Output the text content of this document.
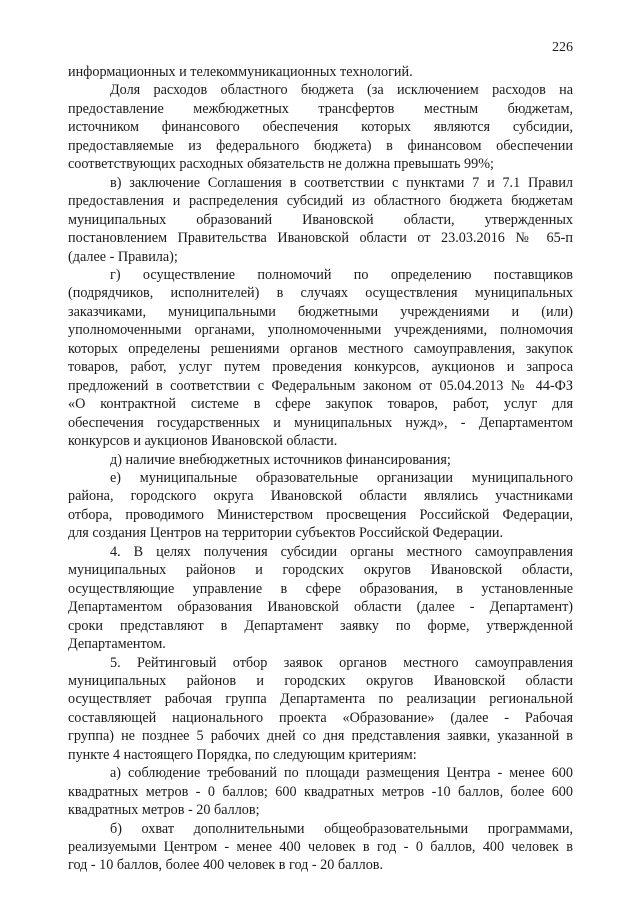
226
информационных и телекоммуникационных технологий.
Доля расходов областного бюджета (за исключением расходов на
предоставление межбюджетных трансфертов местным бюджетам,
источником финансового обеспечения которых являются субсидии,
предоставляемые из федерального бюджета) в финансовом обеспечении
соответствующих расходных обязательств не должна превышать 99%;
в) заключение Соглашения в соответствии с пунктами 7 и 7.1 Правил
предоставления и распределения субсидий из областного бюджета бюджетам
муниципальных образований Ивановской области, утвержденных
постановлением Правительства Ивановской области от 23.03.2016 № 65-п
(далее - Правила);
г) осуществление полномочий по определению поставщиков
(подрядчиков, исполнителей) в случаях осуществления муниципальных
заказчиками, муниципальными бюджетными учреждениями и (или)
уполномоченными органами, уполномоченными учреждениями, полномочия
которых определены решениями органов местного самоуправления, закупок
товаров, работ, услуг путем проведения конкурсов, аукционов и запроса
предложений в соответствии с Федеральным законом от 05.04.2013 № 44-ФЗ
«О контрактной системе в сфере закупок товаров, работ, услуг для
обеспечения государственных и муниципальных нужд», - Департаментом
конкурсов и аукционов Ивановской области.
д) наличие внебюджетных источников финансирования;
е) муниципальные образовательные организации муниципального
района, городского округа Ивановской области являлись участниками
отбора, проводимого Министерством просвещения Российской Федерации,
для создания Центров на территории субъектов Российской Федерации.
4. В целях получения субсидии органы местного самоуправления
муниципальных районов и городских округов Ивановской области,
осуществляющие управление в сфере образования, в установленные
Департаментом образования Ивановской области (далее - Департамент)
сроки представляют в Департамент заявку по форме, утвержденной
Департаментом.
5. Рейтинговый отбор заявок органов местного самоуправления
муниципальных районов и городских округов Ивановской области
осуществляет рабочая группа Департамента по реализации региональной
составляющей национального проекта «Образование» (далее - Рабочая
группа) не позднее 5 рабочих дней со дня представления заявки, указанной в
пункте 4 настоящего Порядка, по следующим критериям:
а) соблюдение требований по площади размещения Центра - менее 600
квадратных метров - 0 баллов; 600 квадратных метров -10 баллов, более 600
квадратных метров - 20 баллов;
б) охват дополнительными общеобразовательными программами,
реализуемыми Центром - менее 400 человек в год - 0 баллов, 400 человек в
год - 10 баллов, более 400 человек в год - 20 баллов.
